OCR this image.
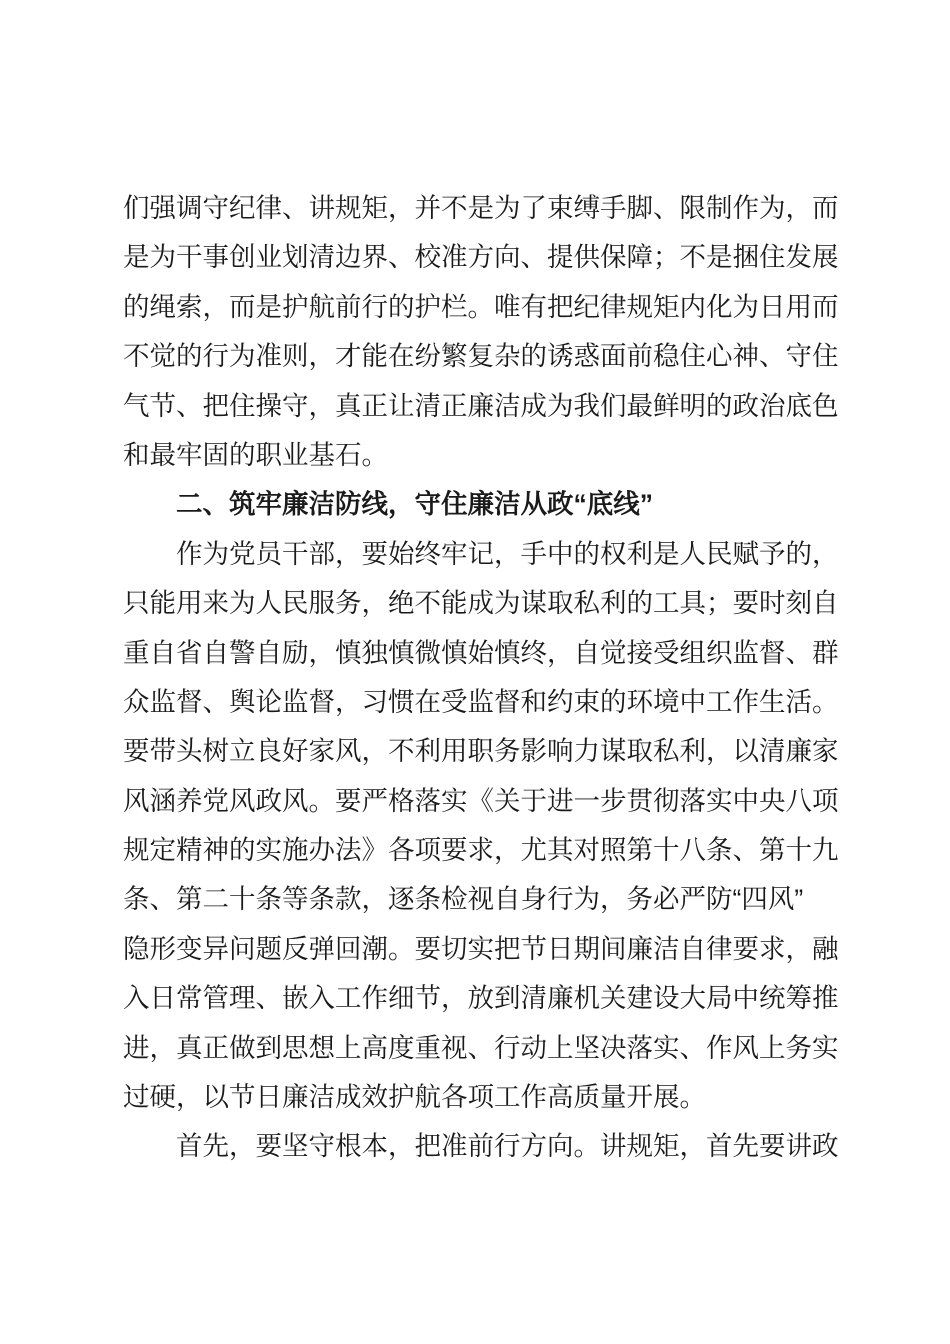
们强调守纪律、讲规矩，并不是为了束缚手脚、限制作为，而
是为干事创业划清边界、校准方向、提供保障；不是捆住发展
的绳索，而是护航前行的护栏。唯有把纪律规矩内化为日用而
不觉的行为准则，才能在纷繁复杂的诱惑面前稳住心神、守住
气节、把住操守，真正让清正廉洁成为我们最鲜明的政治底色
和最牢固的职业基石。
二、筑牢廉洁防线，守住廉洁从政“底线”
作为党员干部，要始终牢记，手中的权利是人民赋予的，
只能用来为人民服务，绝不能成为谋取私利的工具；要时刻自
重自省自警自励，慎独慎微慎始慎终，自觉接受组织监督、群
众监督、舆论监督，习惯在受监督和约束的环境中工作生活。
要带头树立良好家风，不利用职务影响力谋取私利，以清廉家
风涵养党风政风。要严格落实《关于进一步贯彻落实中央八项
规定精神的实施办法》各项要求，尤其对照第十八条、第十九
条、第二十条等条款，逐条检视自身行为，务必严防“四风”
隐形变异问题反弹回潮。要切实把节日期间廉洁自律要求，融
入日常管理、嵌入工作细节，放到清廉机关建设大局中统筹推
进，真正做到思想上高度重视、行动上坚决落实、作风上务实
过硬，以节日廉洁成效护航各项工作高质量开展。
首先，要坚守根本，把准前行方向。讲规矩，首先要讲政
